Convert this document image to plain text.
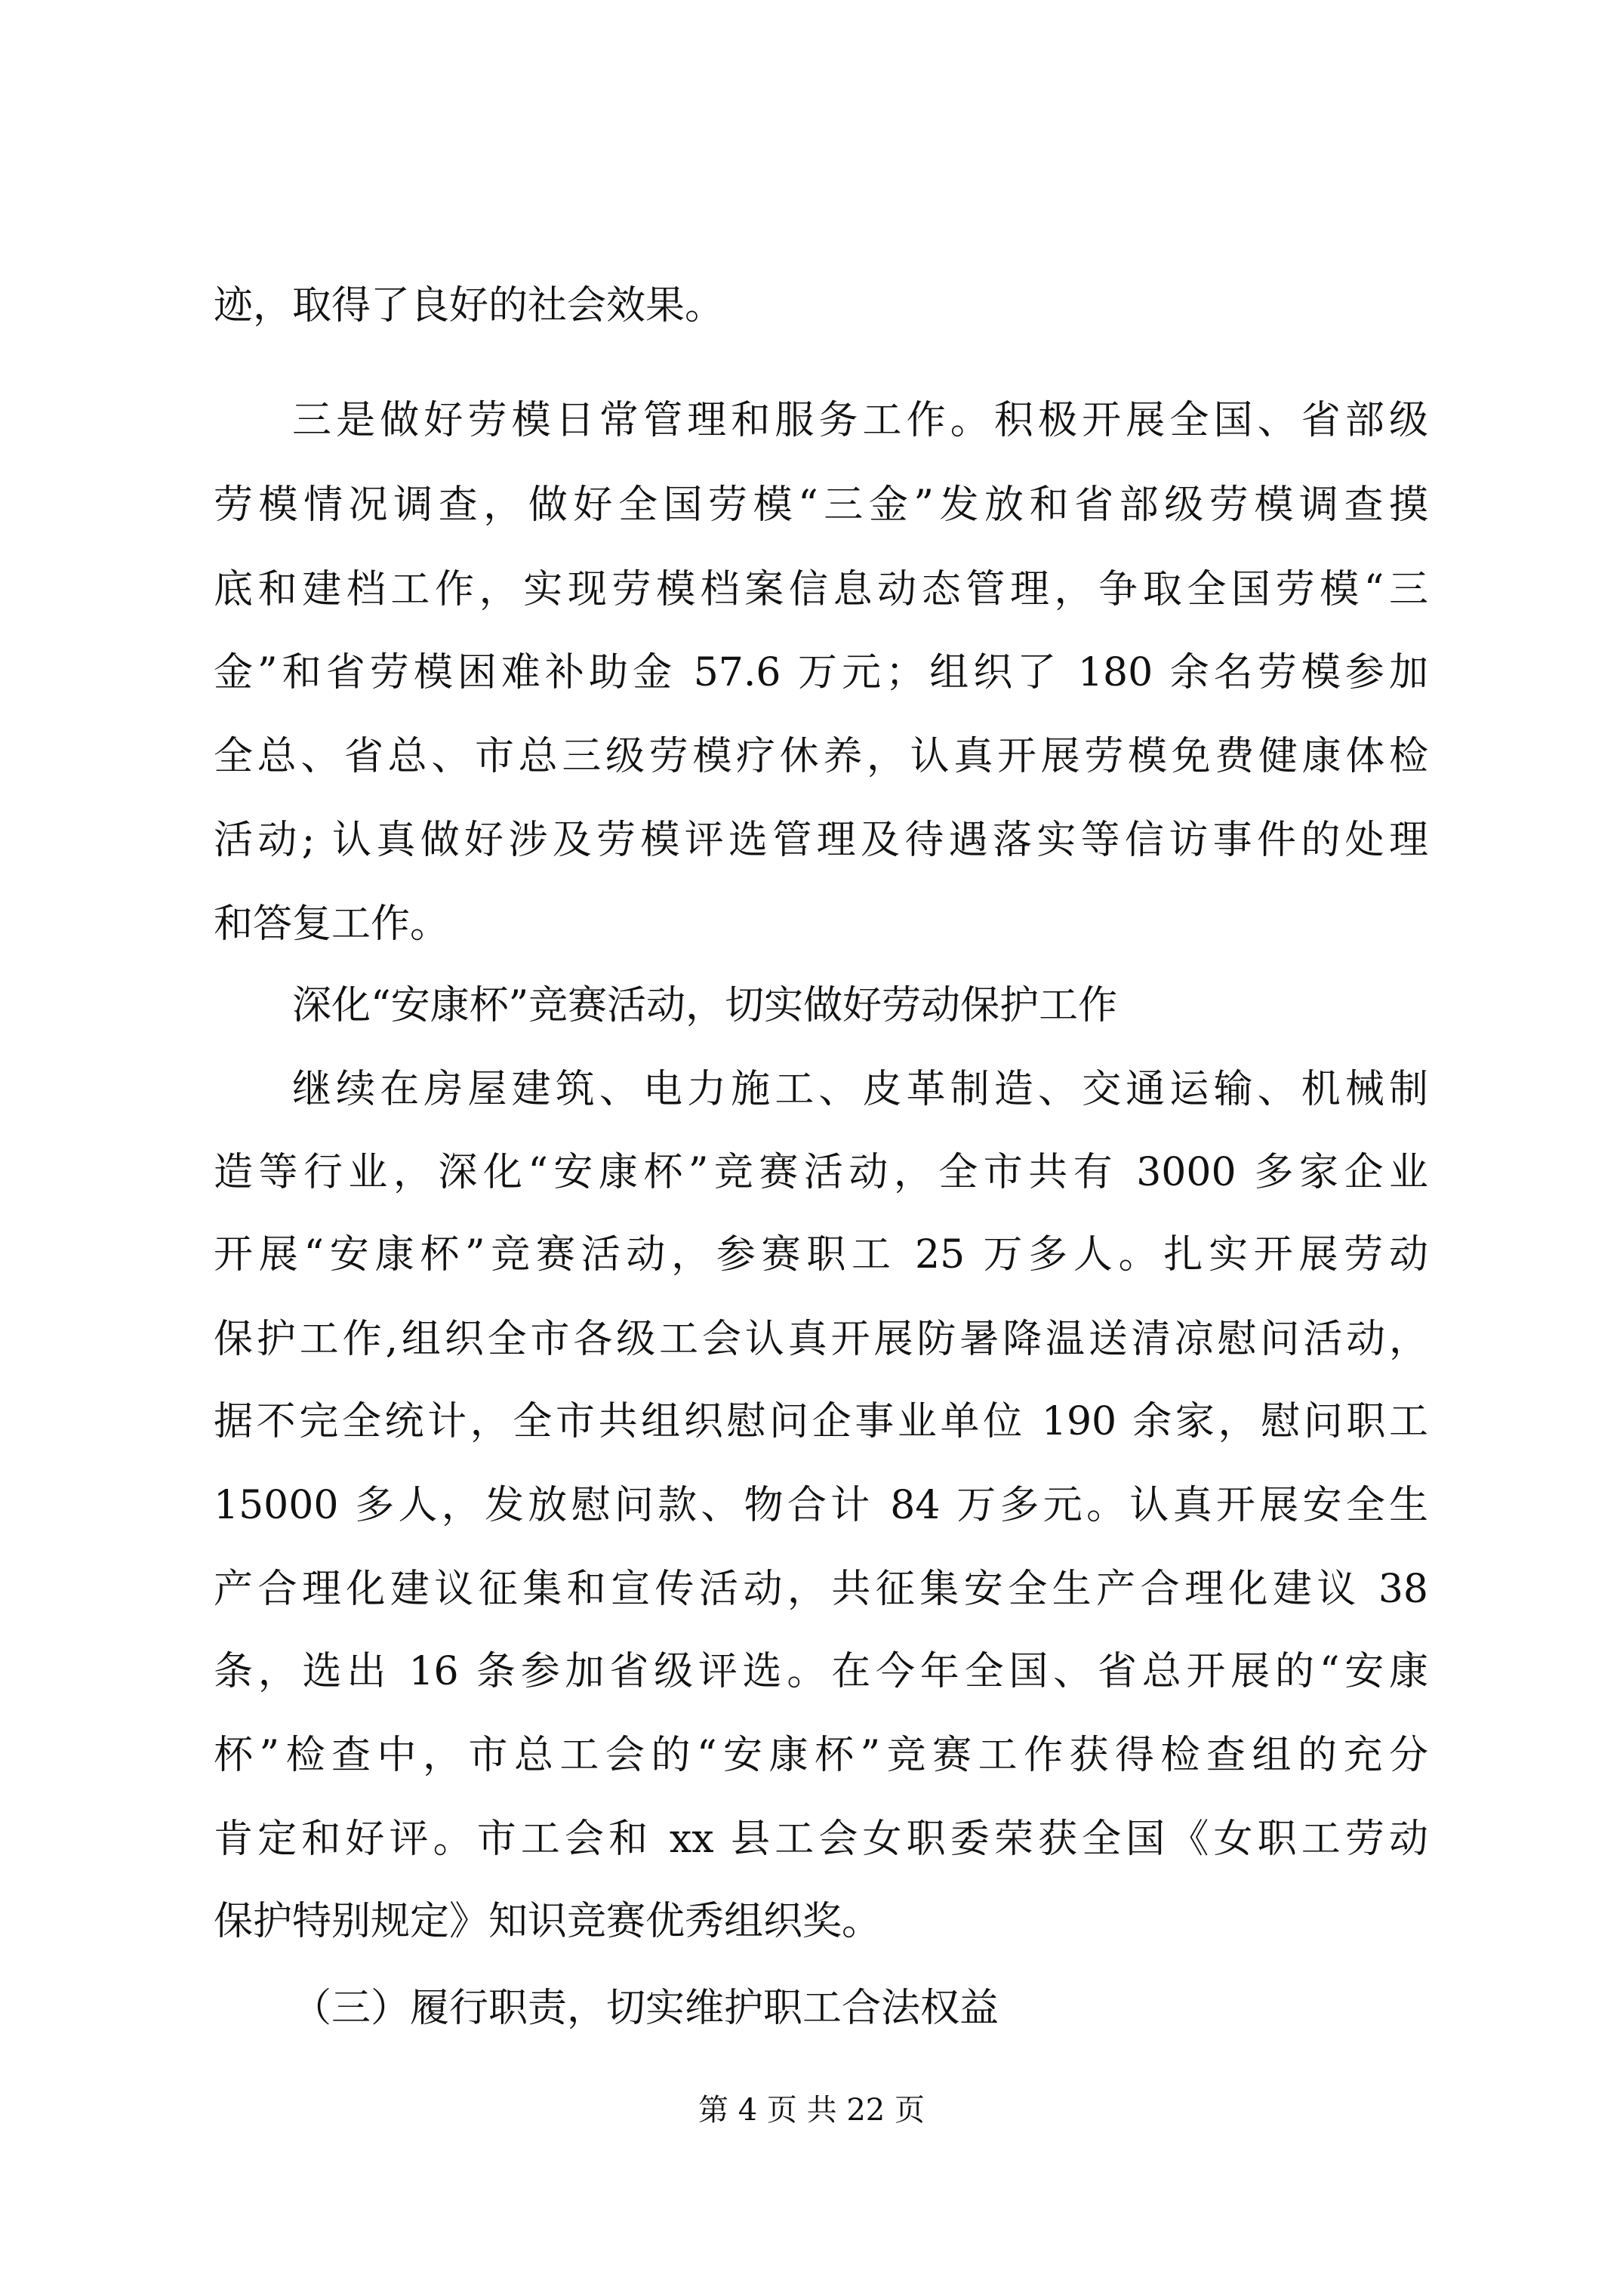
迹，取得了良好的社会效果。
三是做好劳模日常管理和服务工作。积极开展全国、省部级
劳模情况调查，做好全国劳模“三金”发放和省部级劳模调查摸
底和建档工作，实现劳模档案信息动态管理，争取全国劳模“三
金”和省劳模困难补助金 57.6 万元；组织了 180 余名劳模参加
全总、省总、市总三级劳模疗休养，认真开展劳模免费健康体检
活动; 认真做好涉及劳模评选管理及待遇落实等信访事件的处理
和答复工作。
深化“安康杯”竞赛活动，切实做好劳动保护工作
继续在房屋建筑、电力施工、皮革制造、交通运输、机械制
造等行业，深化“安康杯”竞赛活动，全市共有 3000 多家企业
开展“安康杯”竞赛活动，参赛职工 25 万多人。扎实开展劳动
保护工作,组织全市各级工会认真开展防暑降温送清凉慰问活动，
据不完全统计，全市共组织慰问企事业单位 190 余家，慰问职工
15000 多人，发放慰问款、物合计 84 万多元。认真开展安全生
产合理化建议征集和宣传活动，共征集安全生产合理化建议 38
条，选出 16 条参加省级评选。在今年全国、省总开展的“安康
杯”检查中，市总工会的“安康杯”竞赛工作获得检查组的充分
肯定和好评。市工会和 xx 县工会女职委荣获全国《女职工劳动
保护特别规定》知识竞赛优秀组织奖。
（三）履行职责，切实维护职工合法权益
第 4 页 共 22 页
